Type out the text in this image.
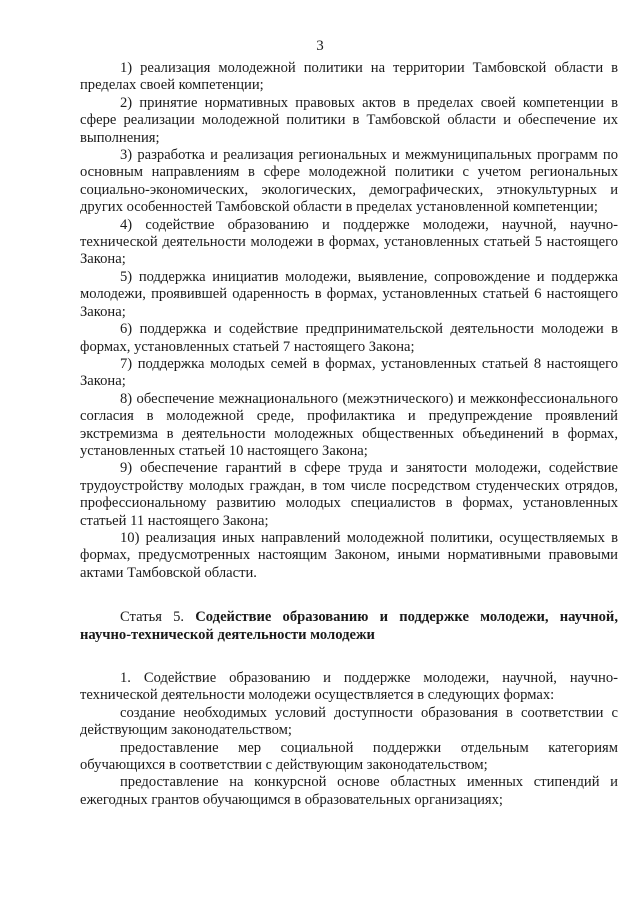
3

1) реализация молодежной политики на территории Тамбовской области в пределах своей компетенции;

2) принятие нормативных правовых актов в пределах своей компетенции в сфере реализации молодежной политики в Тамбовской области и обеспечение их выполнения;

3) разработка и реализация региональных и межмуниципальных программ по основным направлениям в сфере молодежной политики с учетом региональных социально-экономических, экологических, демографических, этнокультурных и других особенностей Тамбовской области в пределах установленной компетенции;

4) содействие образованию и поддержке молодежи, научной, научно-технической деятельности молодежи в формах, установленных статьей 5 настоящего Закона;

5) поддержка инициатив молодежи, выявление, сопровождение и поддержка молодежи, проявившей одаренность в формах, установленных статьей 6 настоящего Закона;

6) поддержка и содействие предпринимательской деятельности молодежи в формах, установленных статьей 7 настоящего Закона;

7) поддержка молодых семей в формах, установленных статьей 8 настоящего Закона;

8) обеспечение межнационального (межэтнического) и межконфессионального согласия в молодежной среде, профилактика и предупреждение проявлений экстремизма в деятельности молодежных общественных объединений в формах, установленных статьей 10 настоящего Закона;

9) обеспечение гарантий в сфере труда и занятости молодежи, содействие трудоустройству молодых граждан, в том числе посредством студенческих отрядов, профессиональному развитию молодых специалистов в формах, установленных статьей 11 настоящего Закона;

10) реализация иных направлений молодежной политики, осуществляемых в формах, предусмотренных настоящим Законом, иными нормативными правовыми актами Тамбовской области.

Статья 5. Содействие образованию и поддержке молодежи, научной, научно-технической деятельности молодежи

1. Содействие образованию и поддержке молодежи, научной, научно-технической деятельности молодежи осуществляется в следующих формах:

создание необходимых условий доступности образования в соответствии с действующим законодательством;

предоставление мер социальной поддержки отдельным категориям обучающихся в соответствии с действующим законодательством;

предоставление на конкурсной основе областных именных стипендий и ежегодных грантов обучающимся в образовательных организациях;
